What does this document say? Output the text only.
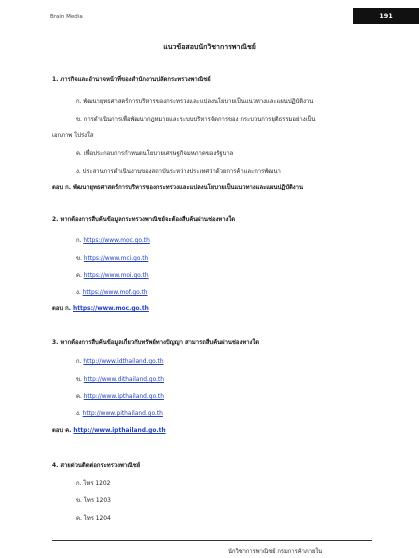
Brain Media	191
แนวข้อสอบนักวิชาการพาณิชย์
1. ภารกิจและอำนาจหน้าที่ของสำนักงานปลัดกระทรวงพาณิชย์
ก. พัฒนายุทธศาสตร์การบริหารของกระทรวงและแปลงนโยบายเป็นแนวทางและแผนปฏิบัติงาน
ข. การดำเนินการเพื่อพัฒนากฎหมายและระบบบริหารจัดการของ กระบวนการยุติธรรมอย่างเป็น
เอกภาพ โปร่งใส
ค. เพื่อประกอบการกำหนดนโยบายเศรษฐกิจมหภาคของรัฐบาล
ง. ประสานการดำเนินงานของสถาบันระหว่างประเทศว่าด้วยการค้าและการพัฒนา
ตอบ ก. พัฒนายุทธศาสตร์การบริหารของกระทรวงและแปลงนโยบายเป็นแนวทางและแผนปฏิบัติงาน
2. หากต้องการสืบค้นข้อมูลกระทรวงพาณิชย์จะต้องสืบค้นผ่านช่องทางใด
ก. https://www.moc.go.th
ข. https://www.mci.go.th
ค. https://www.moi.go.th
ง. https://www.mof.go.th
ตอบ ก. https://www.moc.go.th
3. หากต้องการสืบค้นข้อมูลเกี่ยวกับทรัพย์ทางปัญญา สามารถสืบค้นผ่านช่องทางใด
ก. http://www.idthailand.go.th
ข. http://www.dithailand.go.th
ค. http://www.ipthailand.go.th
ง. http://www.pithailand.go.th
ตอบ ค. http://www.ipthailand.go.th
4. สายด่วนติดต่อกระทรวงพาณิชย์
ก. โทร 1202
ข. โทร 1203
ค. โทร 1204
นักวิชาการพาณิชย์ กรมการค้าภายใน
